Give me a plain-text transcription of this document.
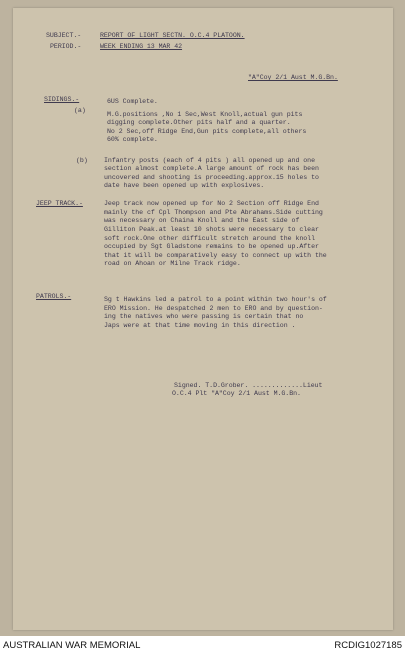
SUBJECT.-	REPORT OF LIGHT SECTN. O.C.4 PLATOON.
PERIOD.-	WEEK ENDING 13 MAR 42
"A"Coy 2/1 Aust M.G.Bn.
SIDINGS.-	6US Complete.
(a)
M.G.positions ,No 1 Sec,West Knoll,actual gun pits
digging complete.Other pits half and a quarter.
No 2 Sec,off Ridge End,Gun pits complete,all others
60% complete.
(b) Infantry posts (each of 4 pits ) all opened up and one
section almost complete.A large amount of rock has been
uncovered and shooting is proceeding.approx.15 holes to
date have been opened up with explosives.
JEEP TRACK.-	Jeep track now opened up for No 2 Section off Ridge End
mainly the cf Cpl Thompson and Pte Abrahams.Side cutting
was necessary on Chaina Knoll and the East side of
Gilliton Peak.at least 10 shots were necessary to clear
soft rock.One other difficult stretch around the knoll
occupied by Sgt Gladstone remains to be opened up.After
that it will be comparatively easy to connect up with the
road on Ahoan or Milne Track ridge.
PATROLS.-	Sg t Hawkins led a patrol to a point within two hour's of
ERO Mission. He despatched 2 men to ERO and by question-
ing the natives who were passing is certain that no
Japs were at that time moving in this direction .
Signed. T.D.Grober. .............Lieut
O.C.4 Plt "A"Coy 2/1 Aust M.G.Bn.
AUSTRALIAN WAR MEMORIAL	RCDIG1027185
